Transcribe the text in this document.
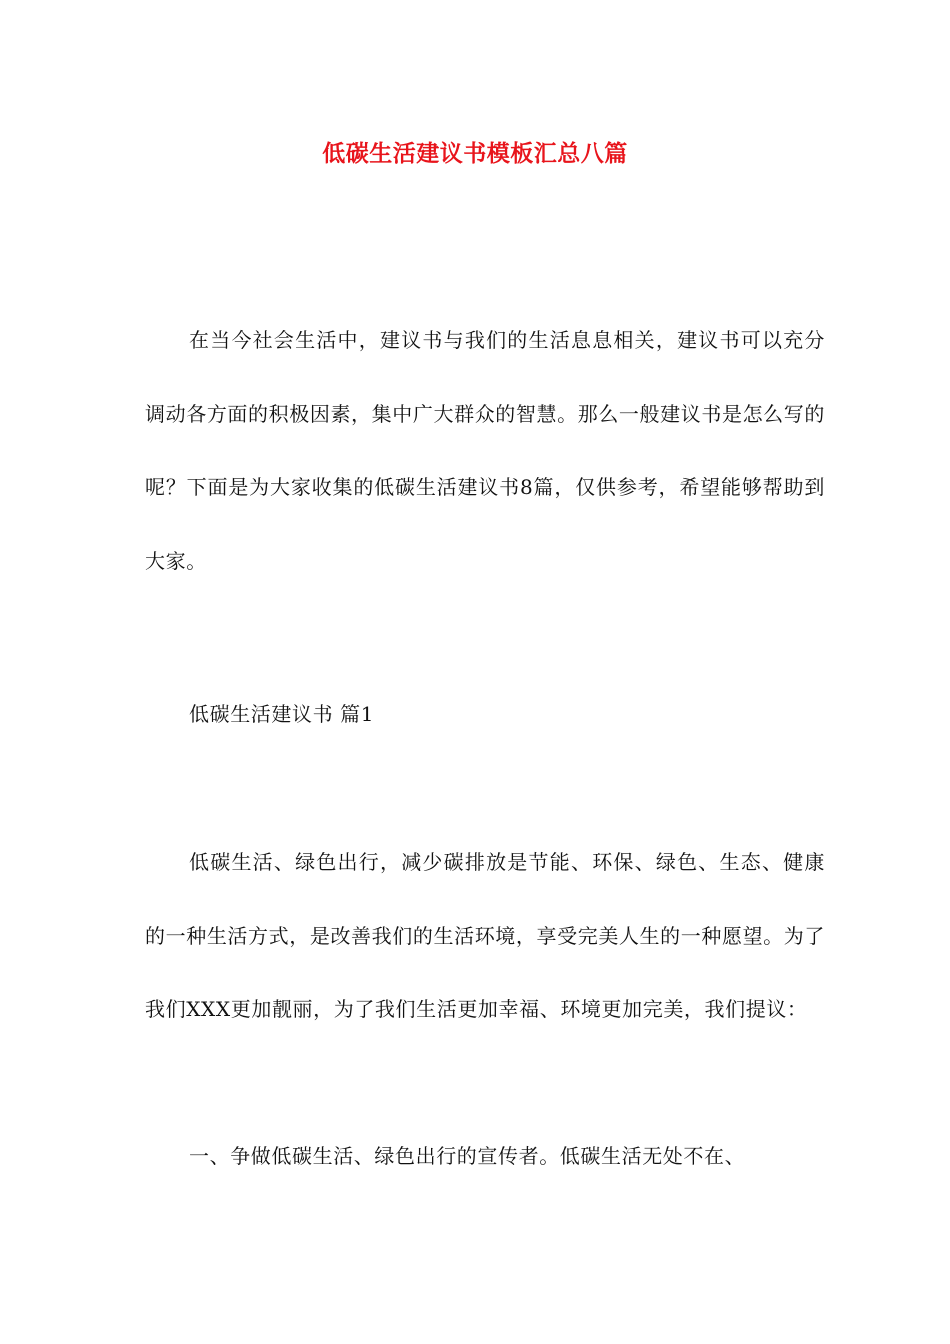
低碳生活建议书模板汇总八篇

在当今社会生活中，建议书与我们的生活息息相关，建议书可以充分调动各方面的积极因素，集中广大群众的智慧。那么一般建议书是怎么写的呢？下面是为大家收集的低碳生活建议书8篇，仅供参考，希望能够帮助到大家。

低碳生活建议书 篇1

低碳生活、绿色出行，减少碳排放是节能、环保、绿色、生态、健康的一种生活方式，是改善我们的生活环境，享受完美人生的一种愿望。为了我们XXX更加靓丽，为了我们生活更加幸福、环境更加完美，我们提议：

一、争做低碳生活、绿色出行的宣传者。低碳生活无处不在、
